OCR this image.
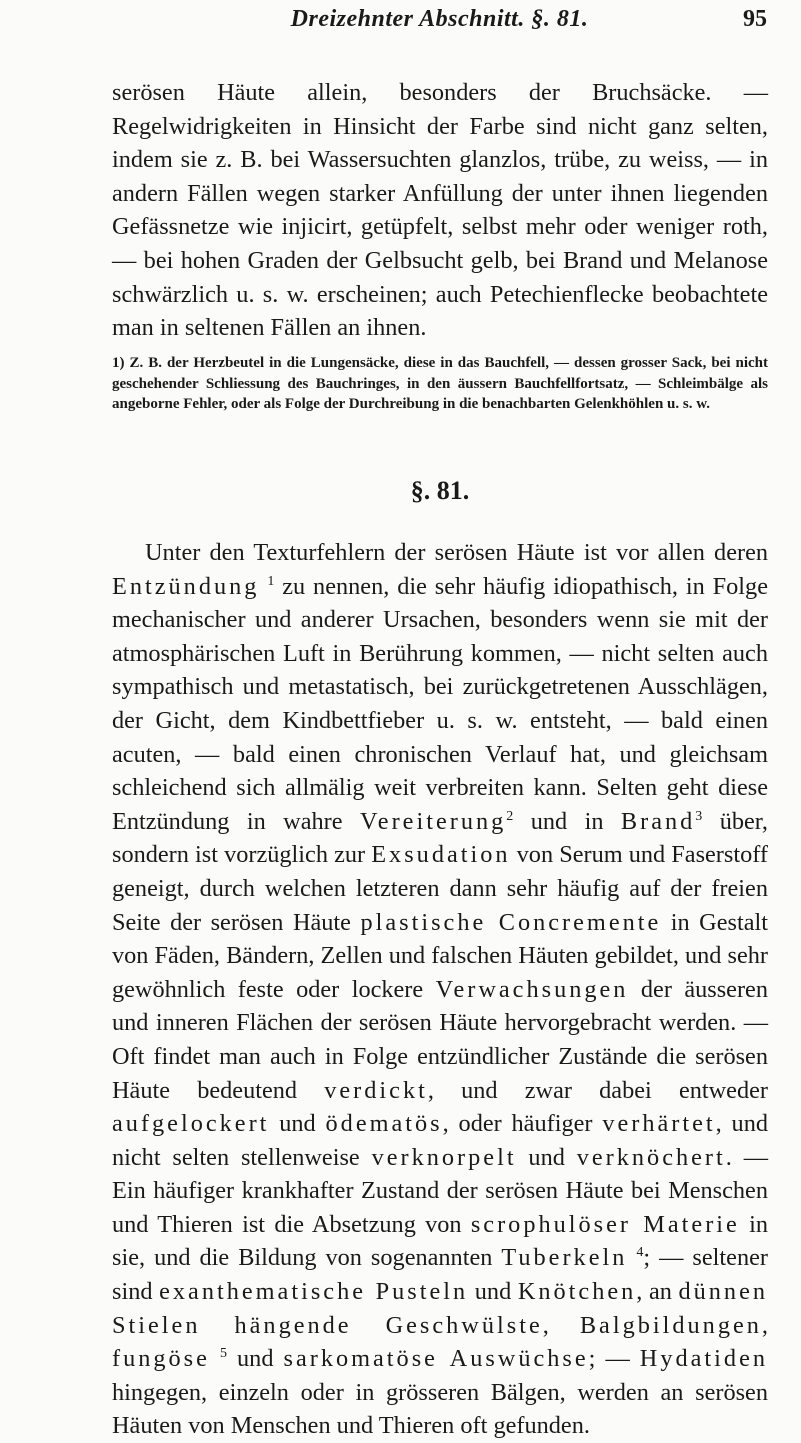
Dreizehnter Abschnitt. §. 81.	95

serösen Häute allein, besonders der Bruchsäcke. — Regelwidrigkeiten in Hinsicht der Farbe sind nicht ganz selten, indem sie z. B. bei Wassersuchten glanzlos, trübe, zu weiss, — in andern Fällen wegen starker Anfüllung der unter ihnen liegenden Gefässnetze wie injicirt, getüpfelt, selbst mehr oder weniger roth, — bei hohen Graden der Gelbsucht gelb, bei Brand und Melanose schwärzlich u. s. w. erscheinen; auch Petechienflecke beobachtete man in seltenen Fällen an ihnen.

1) Z. B. der Herzbeutel in die Lungensäcke, diese in das Bauchfell, — dessen grosser Sack, bei nicht geschehender Schliessung des Bauchringes, in den äussern Bauchfellfortsatz, — Schleimbälge als angeborne Fehler, oder als Folge der Durchreibung in die benachbarten Gelenkhöhlen u. s. w.

§. 81.

Unter den Texturfehlern der serösen Häute ist vor allen deren Entzündung $^1$ zu nennen, die sehr häufig idiopathisch, in Folge mechanischer und anderer Ursachen, besonders wenn sie mit der atmosphärischen Luft in Berührung kommen, — nicht selten auch sympathisch und metastatisch, bei zurückgetretenen Ausschlägen, der Gicht, dem Kindbettfieber u. s. w. entsteht, — bald einen acuten, — bald einen chronischen Verlauf hat, und gleichsam schleichend sich allmälig weit verbreiten kann. Selten geht diese Entzündung in wahre Vereiterung$^2$ und in Brand$^3$ über, sondern ist vorzüglich zur Exsudation von Serum und Faserstoff geneigt, durch welchen letzteren dann sehr häufig auf der freien Seite der serösen Häute plastische Concremente in Gestalt von Fäden, Bändern, Zellen und falschen Häuten gebildet, und sehr gewöhnlich feste oder lockere Verwachsungen der äusseren und inneren Flächen der serösen Häute hervorgebracht werden. — Oft findet man auch in Folge entzündlicher Zustände die serösen Häute bedeutend verdickt, und zwar dabei entweder aufgelockert und ödematös, oder häufiger verhärtet, und nicht selten stellenweise verknorpelt und verknöchert. — Ein häufiger krankhafter Zustand der serösen Häute bei Menschen und Thieren ist die Absetzung von scrophulöser Materie in sie, und die Bildung von sogenannten Tuberkeln $^4$; — seltener sind exanthematische Pusteln und Knötchen, an dünnen Stielen hängende Geschwülste, Balgbildungen, fungöse $^5$ und sarkomatöse Auswüchse; — Hydatiden hingegen, einzeln oder in grösseren Bälgen, werden an serösen Häuten von Menschen und Thieren oft gefunden.
